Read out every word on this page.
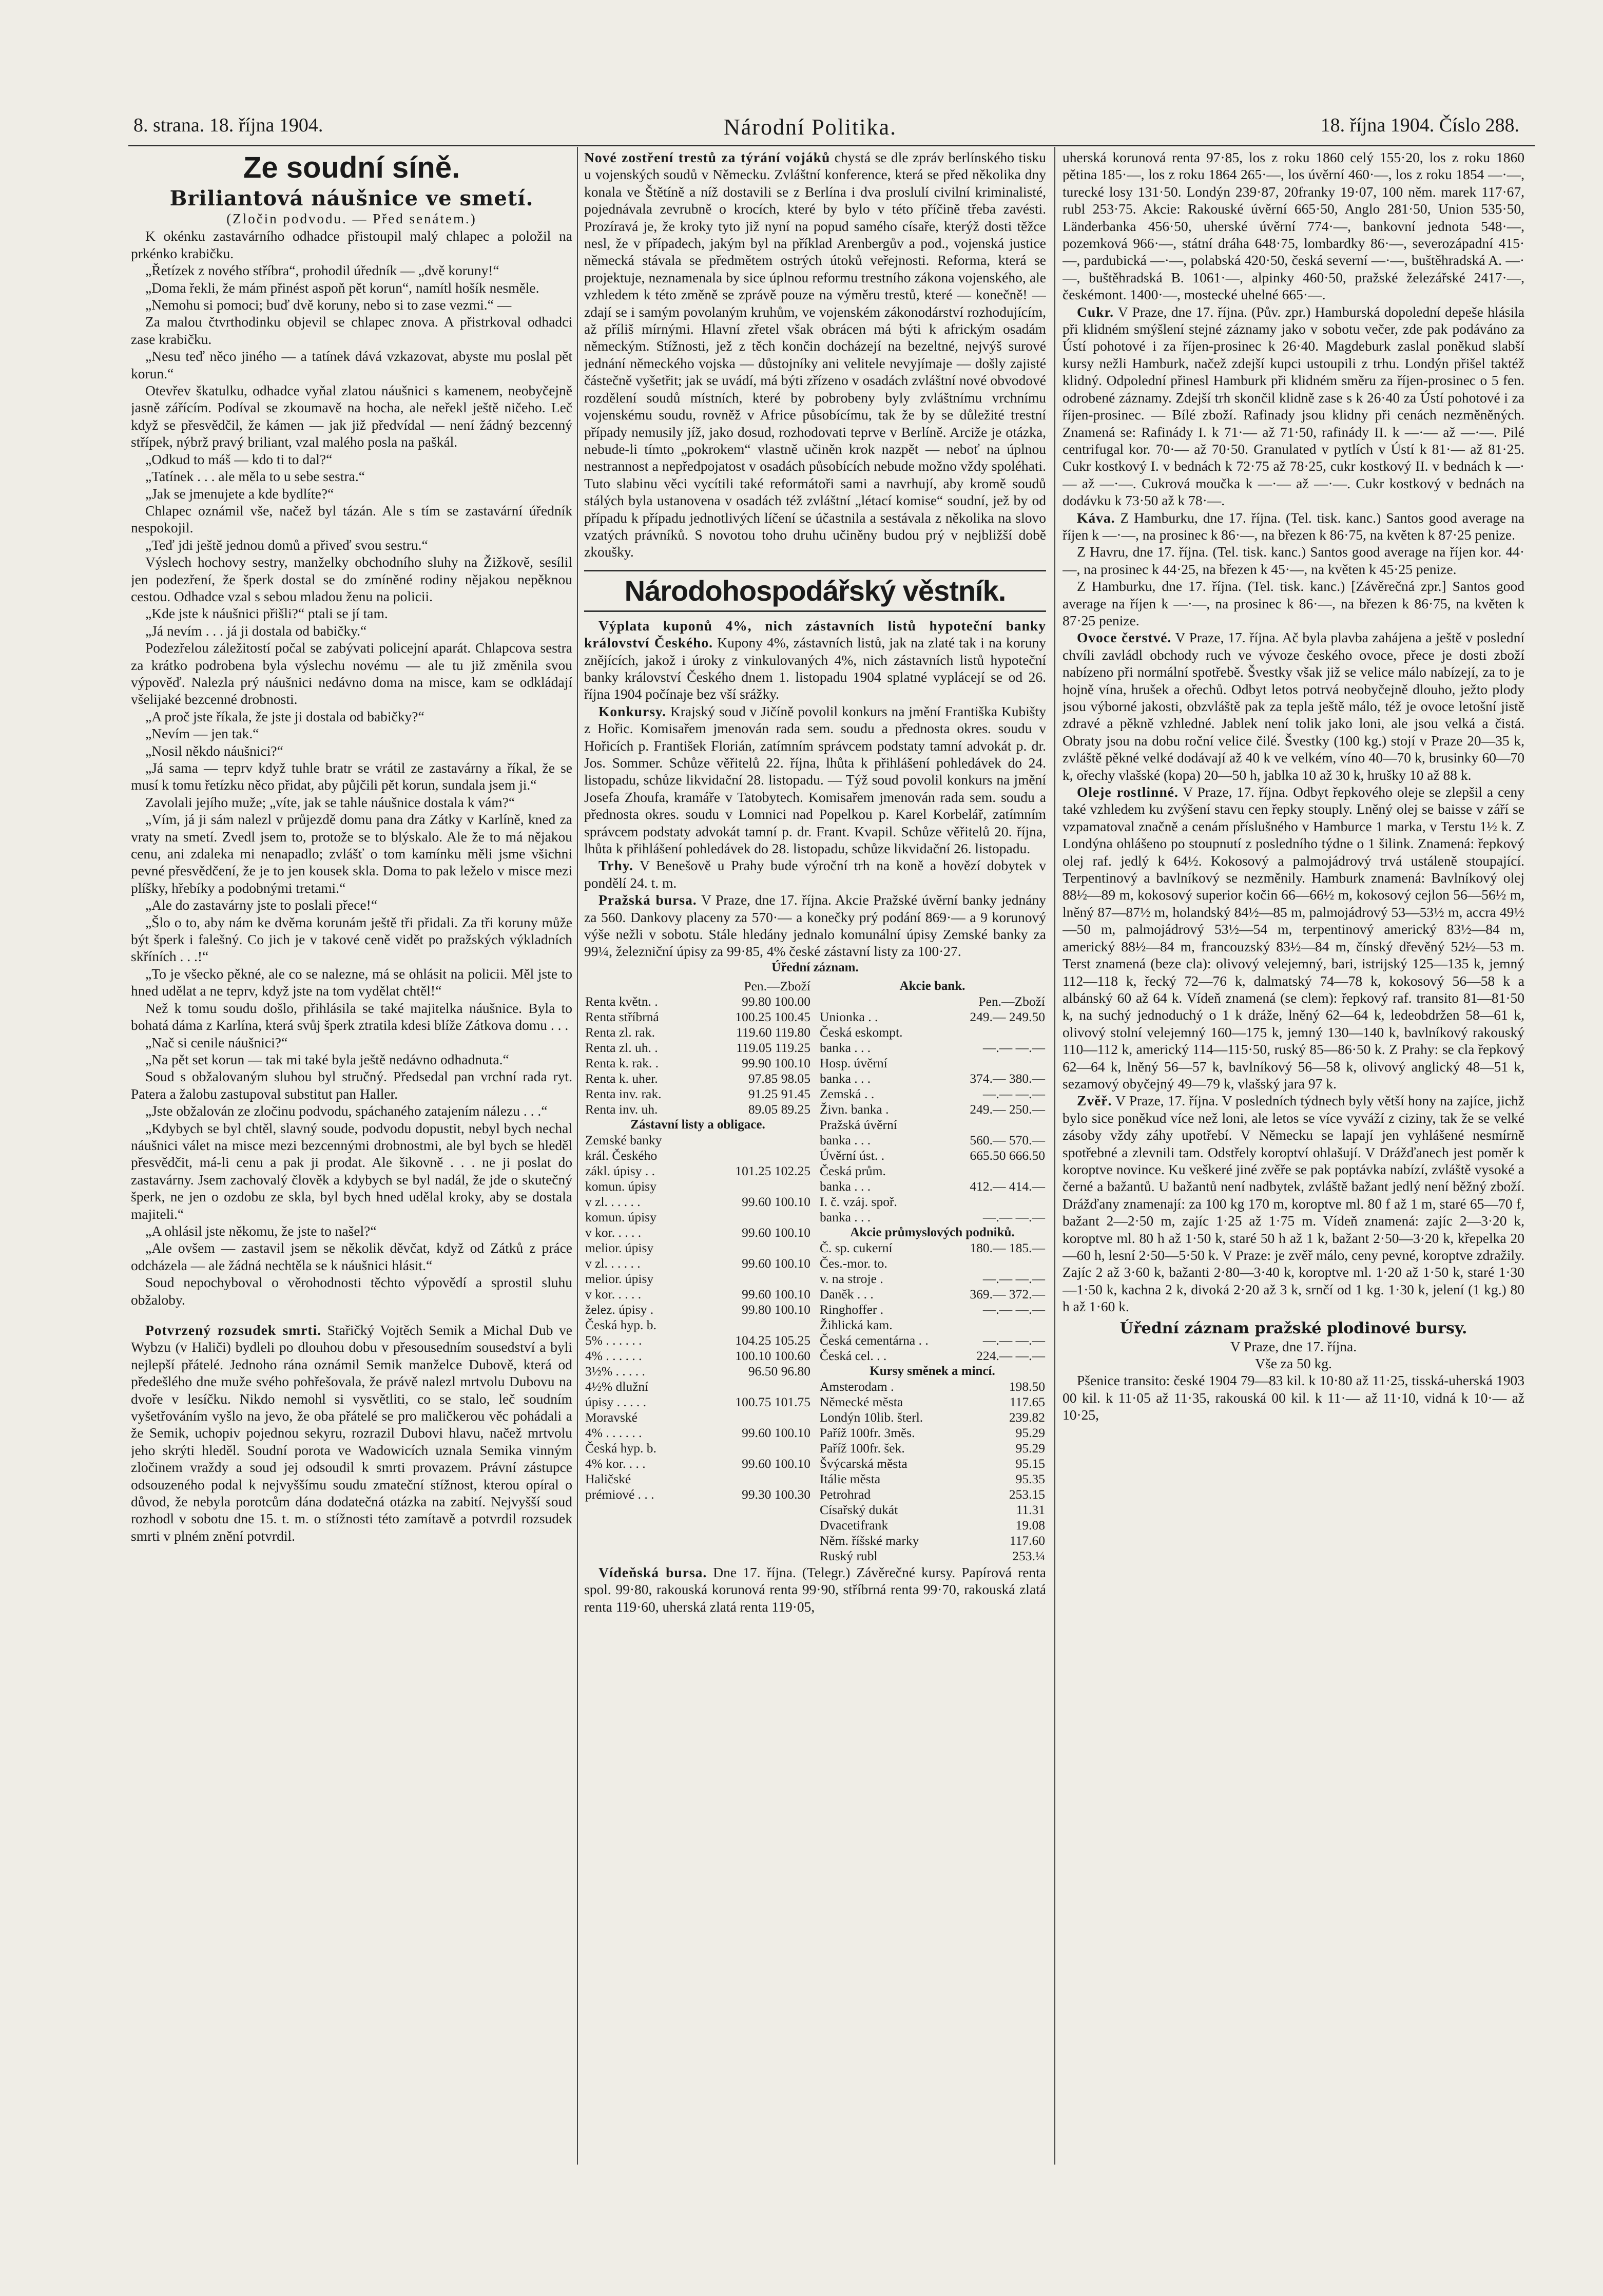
8. strana. 18. října 1904.	Národní Politika.	18. října 1904. Číslo 288.
Ze soudní síně.
Briliantová náušnice ve smetí.
(Zločin podvodu. — Před senátem.)

K okénku zastavárního odhadce přistoupil malý chlapec a položil na prkénko krabičku.

„Řetízek z nového stříbra“, prohodil úředník — „dvě koruny!“

„Doma řekli, že mám přinést aspoň pět korun“, namítl hošík nesměle.

„Nemohu si pomoci; buď dvě koruny, nebo si to zase vezmi.“ —

Za malou čtvrthodinku objevil se chlapec znova. A přistrkoval odhadci zase krabičku.

„Nesu teď něco jiného — a tatínek dává vzkazovat, abyste mu poslal pět korun.“

Otevřev škatulku, odhadce vyňal zlatou náušnici s kamenem, neobyčejně jasně zářícím. Podíval se zkoumavě na hocha, ale neřekl ještě ničeho. Leč když se přesvědčil, že kámen — jak již předvídal — není žádný bezcenný střípek, nýbrž pravý briliant, vzal malého posla na paškál.

„Odkud to máš — kdo ti to dal?“

„Tatínek . . . ale měla to u sebe sestra.“

„Jak se jmenujete a kde bydlíte?“

Chlapec oznámil vše, načež byl tázán. Ale s tím se zastavární úředník nespokojil.

„Teď jdi ještě jednou domů a přiveď svou sestru.“

Výslech hochovy sestry, manželky obchodního sluhy na Žižkově, sesílil jen podezření, že šperk dostal se do zmíněné rodiny nějakou nepěknou cestou. Odhadce vzal s sebou mladou ženu na policii.

„Kde jste k náušnici přišli?“ ptali se jí tam.

„Já nevím . . . já ji dostala od babičky.“

Podezřelou záležitostí počal se zabývati policejní aparát. Chlapcova sestra za krátko podrobena byla výslechu novému — ale tu již změnila svou výpověď. Nalezla prý náušnici nedávno doma na misce, kam se odkládají všelijaké bezcenné drobnosti.

„A proč jste říkala, že jste ji dostala od babičky?“

„Nevím — jen tak.“

„Nosil někdo náušnici?“

„Já sama — teprv když tuhle bratr se vrátil ze zastavárny a říkal, že se musí k tomu řetízku něco přidat, aby půjčili pět korun, sundala jsem ji.“

Zavolali jejího muže; „víte, jak se tahle náušnice dostala k vám?“

„Vím, já ji sám nalezl v průjezdě domu pana dra Zátky v Karlíně, kned za vraty na smetí. Zvedl jsem to, protože se to blýskalo. Ale že to má nějakou cenu, ani zdaleka mi nenapadlo; zvlášť o tom kamínku měli jsme všichni pevné přesvědčení, že je to jen kousek skla. Doma to pak leželo v misce mezi plíšky, hřebíky a podobnými tretami.“

„Ale do zastavárny jste to poslali přece!“

„Šlo o to, aby nám ke dvěma korunám ještě tři přidali. Za tři koruny může být šperk i falešný. Co jich je v takové ceně vidět po pražských výkladních skříních . . .!“

„To je všecko pěkné, ale co se nalezne, má se ohlásit na policii. Měl jste to hned udělat a ne teprv, když jste na tom vydělat chtěl!“

Než k tomu soudu došlo, přihlásila se také majitelka náušnice. Byla to bohatá dáma z Karlína, která svůj šperk ztratila kdesi blíže Zátkova domu . . .

„Nač si cenile náušnici?“

„Na pět set korun — tak mi také byla ještě nedávno odhadnuta.“

Soud s obžalovaným sluhou byl stručný. Předsedal pan vrchní rada ryt. Patera a žalobu zastupoval substitut pan Haller.

„Jste obžalován ze zločinu podvodu, spáchaného zatajením nálezu . . .“

„Kdybych se byl chtěl, slavný soude, podvodu dopustit, nebyl bych nechal náušnici válet na misce mezi bezcennými drobnostmi, ale byl bych se hleděl přesvědčit, má-li cenu a pak ji prodat. Ale šikovně . . . ne ji poslat do zastavárny. Jsem zachovalý člověk a kdybych se byl nadál, že jde o skutečný šperk, ne jen o ozdobu ze skla, byl bych hned udělal kroky, aby se dostala majiteli.“

„A ohlásil jste někomu, že jste to našel?“

„Ale ovšem — zastavil jsem se několik děvčat, když od Zátků z práce odcházela — ale žádná nechtěla se k náušnici hlásit.“

Soud nepochyboval o věrohodnosti těchto výpovědí a sprostil sluhu obžaloby.

Potvrzený rozsudek smrti. Stařičký Vojtěch Semik a Michal Dub ve Wybzu (v Haliči) bydleli po dlouhou dobu v přesousedním sousedství a byli nejlepší přátelé. Jednoho rána oznámil Semik manželce Dubově, která od předešlého dne muže svého pohřešovala, že právě nalezl mrtvolu Dubovu na dvoře v lesíčku. Nikdo nemohl si vysvětliti, co se stalo, leč soudním vyšetřováním vyšlo na jevo, že oba přátelé se pro maličkerou věc pohádali a že Semik, uchopiv pojednou sekyru, rozrazil Dubovi hlavu, načež mrtvolu jeho skrýti hleděl. Soudní porota ve Wadowicích uznala Semika vinným zločinem vraždy a soud jej odsoudil k smrti provazem. Právní zástupce odsouzeného podal k nejvyššímu soudu zmateční stížnost, kterou opíral o důvod, že nebyla porotcům dána dodatečná otázka na zabití. Nejvyšší soud rozhodl v sobotu dne 15. t. m. o stížnosti této zamítavě a potvrdil rozsudek smrti v plném znění potvrdil.

Nové zostření trestů za týrání vojáků chystá se dle zpráv berlínského tisku u vojenských soudů v Německu. Zvláštní konference, která se před několika dny konala ve Štětíně a níž dostavili se z Berlína i dva proslulí civilní kriminalisté, pojednávala zevrubně o krocích, které by bylo v této příčině třeba zavésti. Prozíravá je, že kroky tyto již nyní na popud samého císaře, kterýž dosti těžce nesl, že v případech, jakým byl na příklad Arenbergův a pod., vojenská justice německá stávala se předmětem ostrých útoků veřejnosti. Reforma, která se projektuje, neznamenala by sice úplnou reformu trestního zákona vojenského, ale vzhledem k této změně se zprávě pouze na výměru trestů, které — konečně! — zdají se i samým povolaným kruhům, ve vojenském zákonodárství rozhodujícím, až příliš mírnými. Hlavní zřetel však obrácen má býti k africkým osadám německým. Stížnosti, jež z těch končin docházejí na bezeltné, nejvýš surové jednání německého vojska — důstojníky ani velitele nevyjímaje — došly zajisté částečně vyšetřit; jak se uvádí, má býti zřízeno v osadách zvláštní nové obvodové rozdělení soudů místních, které by pobrobeny byly zvláštnímu vrchnímu vojenskému soudu, rovněž v Africe působícímu, tak že by se důležité trestní případy nemusily jíž, jako dosud, rozhodovati teprve v Berlíně. Arciže je otázka, nebude-li tímto „pokrokem“ vlastně učiněn krok nazpět — neboť na úplnou nestrannost a nepředpojatost v osadách působících nebude možno vždy spoléhati. Tuto slabinu věci vycítili také reformátoři sami a navrhují, aby kromě soudů stálých byla ustanovena v osadách též zvláštní „létací komise“ soudní, jež by od případu k případu jednotlivých líčení se účastnila a sestávala z několika na slovo vzatých právníků. S novotou toho druhu učiněny budou prý v nejbližší době zkoušky.

Národohospodářský věstník.

Výplata kuponů 4%, nich zástavních listů hypoteční banky království Českého. Kupony 4%, zástavních listů, jak na zlaté tak i na koruny znějících, jakož i úroky z vinkulovaných 4%, nich zástavních listů hypoteční banky království Českého dnem 1. listopadu 1904 splatné vyplácejí se od 26. října 1904 počínaje bez vší srážky.

Konkursy. Krajský soud v Jičíně povolil konkurs na jmění Františka Kubišty z Hořic. Komisařem jmenován rada sem. soudu a přednosta okres. soudu v Hořicích p. František Florián, zatímním správcem podstaty tamní advokát p. dr. Jos. Sommer. Schůze věřitelů 22. října, lhůta k přihlášení pohledávek do 24. listopadu, schůze likvidační 28. listopadu. — Týž soud povolil konkurs na jmění Josefa Zhoufa, kramáře v Tatobytech. Komisařem jmenován rada sem. soudu a přednosta okres. soudu v Lomnici nad Popelkou p. Karel Korbelář, zatímním správcem podstaty advokát tamní p. dr. Frant. Kvapil. Schůze věřitelů 20. října, lhůta k přihlášení pohledávek do 28. listopadu, schůze likvidační 26. listopadu.

Trhy. V Benešově u Prahy bude výroční trh na koně a hovězí dobytek v pondělí 24. t. m.

Pražská bursa. V Praze, dne 17. října. Akcie Pražské úvěrní banky jednány za 560. Dankovy placeny za 570·— a konečky prý podání 869·— a 9 korunový výše nežli v sobotu. Stále hledány jednalo komunální úpisy Zemské banky za 99¼, železniční úpisy za 99·85, 4% české zástavní listy za 100·27.

Úřední záznam.
	Pen.—Zboží
Renta květn. .	99.80 100.00
Renta stříbrná	100.25 100.45
Renta zl. rak.	119.60 119.80
Renta zl. uh. .	119.05 119.25
Renta k. rak. .	99.90 100.10
Renta k. uher.	97.85 98.05
Renta inv. rak.	91.25 91.45
Renta inv. uh.	89.05 89.25
Zástavní listy a obligace.
Zemské banky	
král. Českého	
zákl. úpisy . .	101.25 102.25
komun. úpisy	
v zl. . . . . .	99.60 100.10
komun. úpisy	
v kor. . . . .	99.60 100.10
melior. úpisy	
v zl. . . . . .	99.60 100.10
melior. úpisy	
v kor. . . . .	99.60 100.10
želez. úpisy .	99.80 100.10
Česká hyp. b.	
5% . . . . . .	104.25 105.25
4% . . . . . .	100.10 100.60
3½% . . . . .	96.50 96.80
4½% dlužní	
úpisy . . . . .	100.75 101.75
Moravské	
4% . . . . . .	99.60 100.10
Česká hyp. b.	
4% kor. . . .	99.60 100.10
Haličské	
prémiové . . .	99.30 100.30
Akcie bank.
	Pen.—Zboží
Unionka . .	249.— 249.50
Česká eskompt.	
banka . . .	—.— —.—
Hosp. úvěrní	
banka . . .	374.— 380.—
Zemská . .	—.— —.—
Živn. banka .	249.— 250.—
Pražská úvěrní	
banka . . .	560.— 570.—
Úvěrní úst. .	665.50 666.50
Česká prům.	
banka . . .	412.— 414.—
I. č. vzáj. spoř.	
banka . . .	—.— —.—
Akcie průmyslových podniků.
Č. sp. cukerní	180.— 185.—
Čes.-mor. to.	
v. na stroje .	—.— —.—
Daněk . . .	369.— 372.—
Ringhoffer .	—.— —.—
Žihlická kam.	
Česká cementárna . .	—.— —.—
Česká cel. . .	224.— —.—
Kursy směnek a mincí.
Amsterodam .	198.50
Německé města	117.65
Londýn 10lib. šterl.	239.82
Paříž 100fr. 3měs.	95.29
Paříž 100fr. šek.	95.29
Švýcarská města	95.15
Itálie města	95.35
Petrohrad	253.15
Císařský dukát	11.31
Dvacetifrank	19.08
Něm. říšské marky	117.60
Ruský rubl	253.¼

Vídeňská bursa. Dne 17. října. (Telegr.) Závěrečné kursy. Papírová renta spol. 99·80, rakouská korunová renta 99·90, stříbrná renta 99·70, rakouská zlatá renta 119·60, uherská zlatá renta 119·05,

uherská korunová renta 97·85, los z roku 1860 celý 155·20, los z roku 1860 pětina 185·—, los z roku 1864 265·—, los úvěrní 460·—, los z roku 1854 —·—, turecké losy 131·50. Londýn 239·87, 20franky 19·07, 100 něm. marek 117·67, rubl 253·75. Akcie: Rakouské úvěrní 665·50, Anglo 281·50, Union 535·50, Länderbanka 456·50, uherské úvěrní 774·—, bankovní jednota 548·—, pozemková 966·—, státní dráha 648·75, lombardky 86·—, severozápadní 415·—, pardubická —·—, polabská 420·50, česká severní —·—, buštěhradská A. —·—, buštěhradská B. 1061·—, alpinky 460·50, pražské železářské 2417·—, českémont. 1400·—, mostecké uhelné 665·—.

Cukr. V Praze, dne 17. října. (Pův. zpr.) Hamburská dopolední depeše hlásila při klidném smýšlení stejné záznamy jako v sobotu večer, zde pak podáváno za Ústí pohotové i za říjen-prosinec k 26·40. Magdeburk zaslal poněkud slabší kursy nežli Hamburk, načež zdejší kupci ustoupili z trhu. Londýn přišel taktéž klidný. Odpolední přinesl Hamburk při klidném směru za říjen-prosinec o 5 fen. odrobené záznamy. Zdejší trh skončil klidně zase s k 26·40 za Ústí pohotové i za říjen-prosinec. — Bílé zboží. Rafinady jsou klidny při cenách nezměněných. Znamená se: Rafinády I. k 71·— až 71·50, rafinády II. k —·— až —·—. Pilé centrifugal kor. 70·— až 70·50. Granulated v pytlích v Ústí k 81·— až 81·25. Cukr kostkový I. v bednách k 72·75 až 78·25, cukr kostkový II. v bednách k —·— až —·—. Cukrová moučka k —·— až —·—. Cukr kostkový v bednách na dodávku k 73·50 až k 78·—.

Káva. Z Hamburku, dne 17. října. (Tel. tisk. kanc.) Santos good average na říjen k —·—, na prosinec k 86·—, na březen k 86·75, na květen k 87·25 penize.

Z Havru, dne 17. října. (Tel. tisk. kanc.) Santos good average na říjen kor. 44·—, na prosinec k 44·25, na březen k 45·—, na květen k 45·25 penize.

Z Hamburku, dne 17. října. (Tel. tisk. kanc.) [Závěrečná zpr.] Santos good average na říjen k —·—, na prosinec k 86·—, na březen k 86·75, na květen k 87·25 penize.

Ovoce čerstvé. V Praze, 17. října. Ač byla plavba zahájena a ještě v poslední chvíli zavládl obchody ruch ve vývoze českého ovoce, přece je dosti zboží nabízeno při normální spotřebě. Švestky však již se velice málo nabízejí, za to je hojně vína, hrušek a ořechů. Odbyt letos potrvá neobyčejně dlouho, ježto plody jsou výborné jakosti, obzvláště pak za tepla ještě málo, též je ovoce letošní jistě zdravé a pěkně vzhledné. Jablek není tolik jako loni, ale jsou velká a čistá. Obraty jsou na dobu roční velice čilé. Švestky (100 kg.) stojí v Praze 20—35 k, zvláště pěkné velké dodávají až 40 k ve velkém, víno 40—70 k, brusinky 60—70 k, ořechy vlašské (kopa) 20—50 h, jablka 10 až 30 k, hrušky 10 až 88 k.

Oleje rostlinné. V Praze, 17. října. Odbyt řepkového oleje se zlepšil a ceny také vzhledem ku zvýšení stavu cen řepky stouply. Lněný olej se baisse v září se vzpamatoval značně a cenám příslušného v Hamburce 1 marka, v Terstu 1½ k. Z Londýna ohlášeno po stoupnutí z posledního týdne o 1 šilink. Znamená: řepkový olej raf. jedlý k 64½. Kokosový a palmojádrový trvá ustáleně stoupající. Terpentinový a bavlníkový se nezměnily. Hamburk znamená: Bavlníkový olej 88½—89 m, kokosový superior kočin 66—66½ m, kokosový cejlon 56—56½ m, lněný 87—87½ m, holandský 84½—85 m, palmojádrový 53—53½ m, accra 49½—50 m, palmojádrový 53½—54 m, terpentinový americký 83½—84 m, americký 88½—84 m, francouzský 83½—84 m, čínský dřevěný 52½—53 m. Terst znamená (beze cla): olivový velejemný, bari, istrijský 125—135 k, jemný 112—118 k, řecký 72—76 k, dalmatský 74—78 k, kokosový 56—58 k a albánský 60 až 64 k. Vídeň znamená (se clem): řepkový raf. transito 81—81·50 k, na suchý jednoduchý o 1 k dráže, lněný 62—64 k, ledeobdržen 58—61 k, olivový stolní velejemný 160—175 k, jemný 130—140 k, bavlníkový rakouský 110—112 k, americký 114—115·50, ruský 85—86·50 k. Z Prahy: se cla řepkový 62—64 k, lněný 56—57 k, bavlníkový 56—58 k, olivový anglický 48—51 k, sezamový obyčejný 49—79 k, vlašský jara 97 k.

Zvěř. V Praze, 17. října. V posledních týdnech byly větší hony na zajíce, jichž bylo sice poněkud více než loni, ale letos se více vyváží z ciziny, tak že se velké zásoby vždy záhy upotřebí. V Německu se lapají jen vyhlášené nesmírně spotřebné a zlevnili tam. Odstřely koroptví ohlašují. V Drážďanech jest poměr k koroptve novince. Ku veškeré jiné zvěře se pak poptávka nabízí, zvláště vysoké a černé a bažantů. U bažantů není nadbytek, zvláště bažant jedlý není běžný zboží. Drážďany znamenají: za 100 kg 170 m, koroptve ml. 80 f až 1 m, staré 65—70 f, bažant 2—2·50 m, zajíc 1·25 až 1·75 m. Vídeň znamená: zajíc 2—3·20 k, koroptve ml. 80 h až 1·50 k, staré 50 h až 1 k, bažant 2·50—3·20 k, křepelka 20—60 h, lesní 2·50—5·50 k. V Praze: je zvěř málo, ceny pevné, koroptve zdražily. Zajíc 2 až 3·60 k, bažanti 2·80—3·40 k, koroptve ml. 1·20 až 1·50 k, staré 1·30—1·50 k, kachna 2 k, divoká 2·20 až 3 k, srnčí od 1 kg. 1·30 k, jelení (1 kg.) 80 h až 1·60 k.

Úřední záznam pražské plodinové bursy.
V Praze, dne 17. října.
Vše za 50 kg.

Pšenice transito: české 1904 79—83 kil. k 10·80 až 11·25, tisská-uherská 1903 00 kil. k 11·05 až 11·35, rakouská 00 kil. k 11·— až 11·10, vidná k 10·— až 10·25,
